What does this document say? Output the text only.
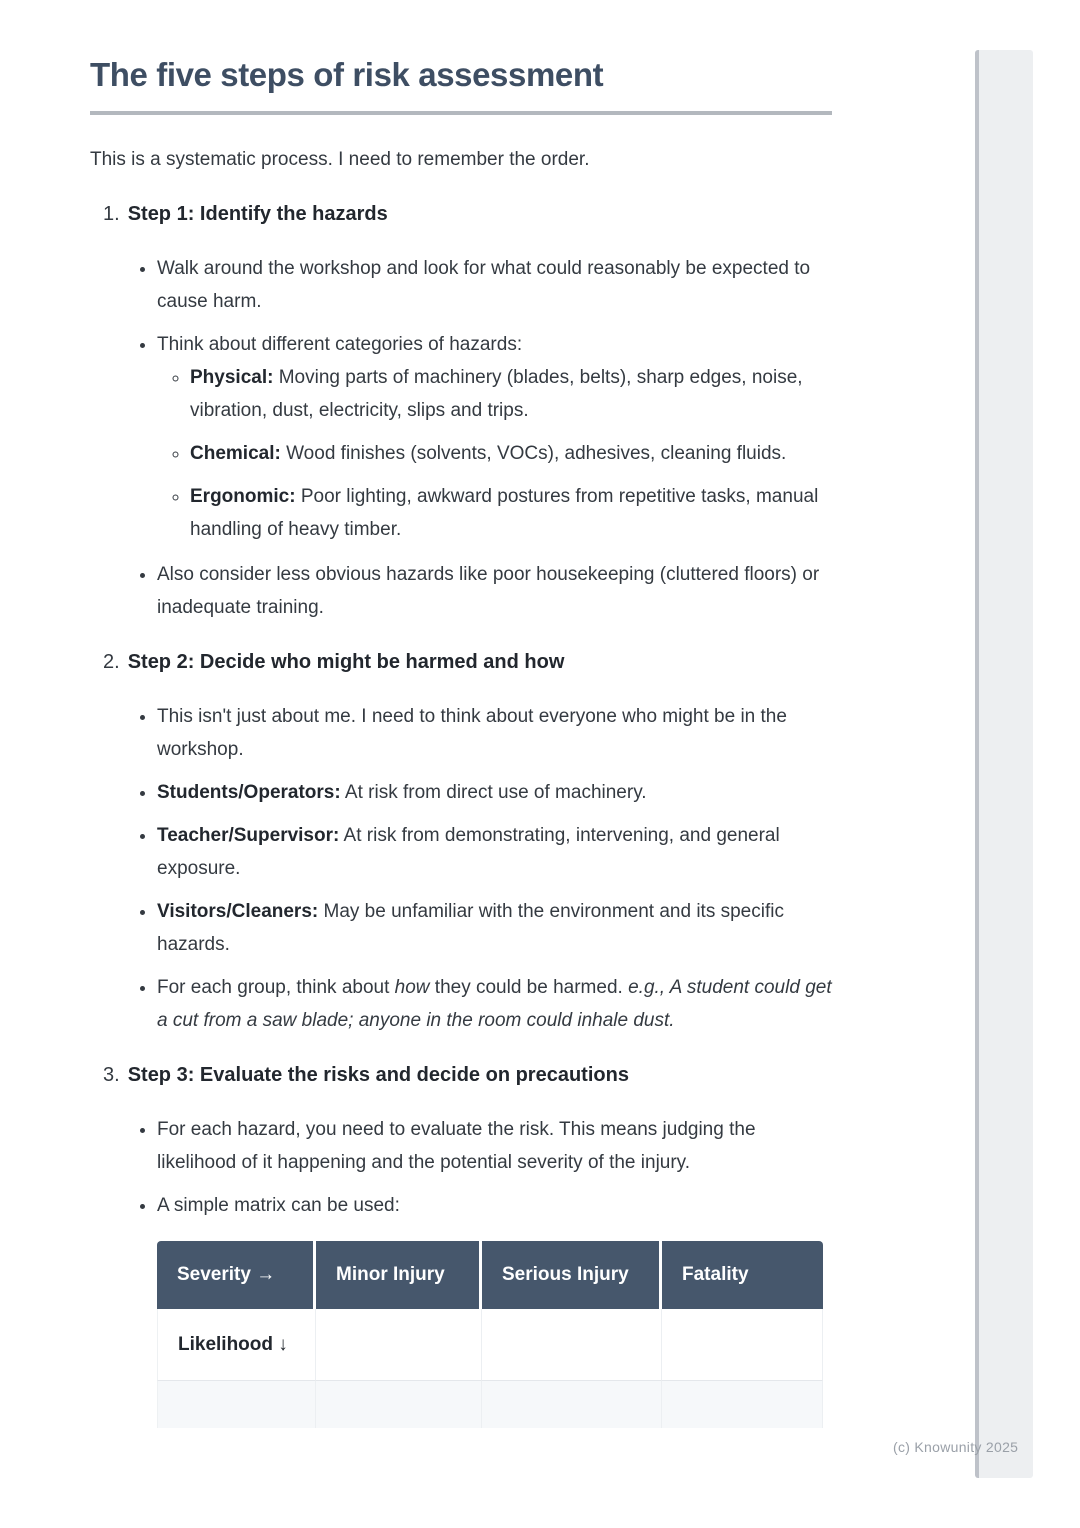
The five steps of risk assessment

This is a systematic process. I need to remember the order.

1. Step 1: Identify the hazards
• Walk around the workshop and look for what could reasonably be expected to cause harm.
• Think about different categories of hazards:
◦ Physical: Moving parts of machinery (blades, belts), sharp edges, noise, vibration, dust, electricity, slips and trips.
◦ Chemical: Wood finishes (solvents, VOCs), adhesives, cleaning fluids.
◦ Ergonomic: Poor lighting, awkward postures from repetitive tasks, manual handling of heavy timber.
• Also consider less obvious hazards like poor housekeeping (cluttered floors) or inadequate training.
2. Step 2: Decide who might be harmed and how
• This isn't just about me. I need to think about everyone who might be in the workshop.
• Students/Operators: At risk from direct use of machinery.
• Teacher/Supervisor: At risk from demonstrating, intervening, and general exposure.
• Visitors/Cleaners: May be unfamiliar with the environment and its specific hazards.
• For each group, think about how they could be harmed. e.g., A student could get a cut from a saw blade; anyone in the room could inhale dust.
3. Step 3: Evaluate the risks and decide on precautions
• For each hazard, you need to evaluate the risk. This means judging the likelihood of it happening and the potential severity of the injury.
• A simple matrix can be used:
Severity →	Minor Injury	Serious Injury	Fatality
Likelihood ↓			

(c) Knowunity 2025
